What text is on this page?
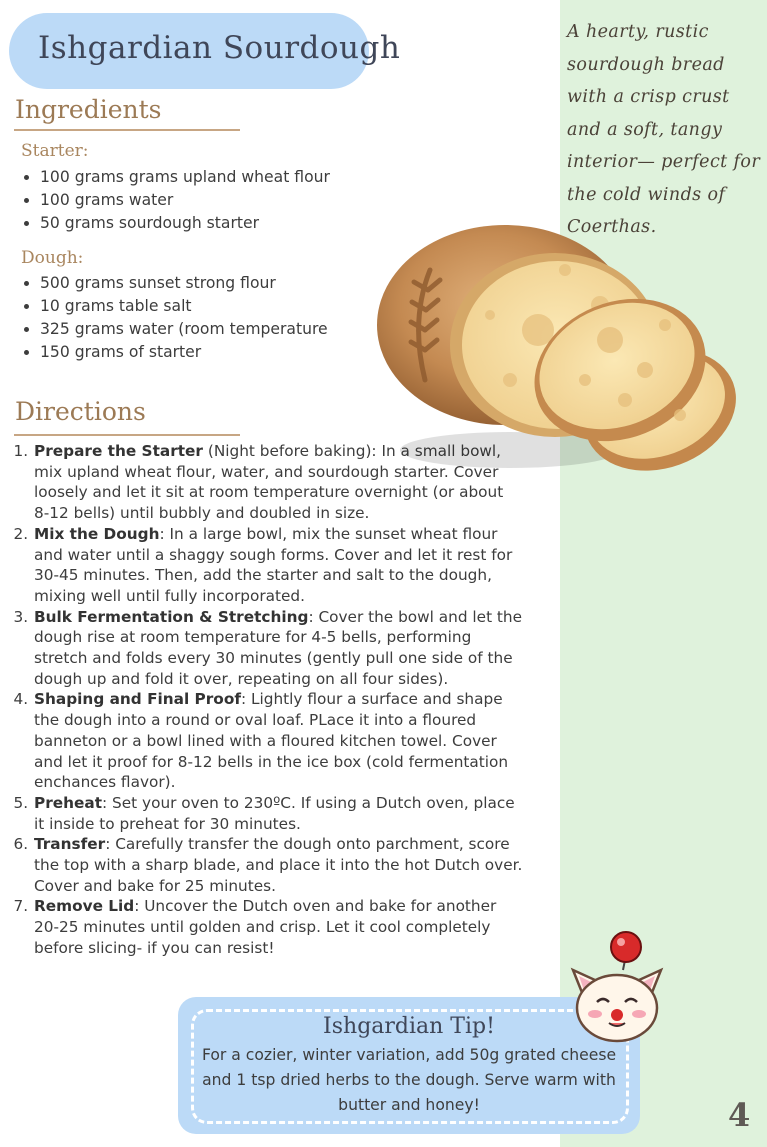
A hearty, rustic sourdough bread with a crisp crust and a soft, tangy interior— perfect for the cold winds of Coerthas.

Ishgardian Sourdough
Ingredients
Starter:
• 100 grams grams upland wheat flour
• 100 grams water
• 50 grams sourdough starter
Dough:
• 500 grams sunset strong flour
• 10 grams table salt
• 325 grams water (room temperature
• 150 grams of starter
Directions
1. Prepare the Starter (Night before baking): In a small bowl, mix upland wheat flour, water, and sourdough starter. Cover loosely and let it sit at room temperature overnight (or about 8-12 bells) until bubbly and doubled in size.
2. Mix the Dough: In a large bowl, mix the sunset wheat flour and water until a shaggy sough forms. Cover and let it rest for 30-45 minutes. Then, add the starter and salt to the dough, mixing well until fully incorporated.
3. Bulk Fermentation & Stretching: Cover the bowl and let the dough rise at room temperature for 4-5 bells, performing stretch and folds every 30 minutes (gently pull one side of the dough up and fold it over, repeating on all four sides).
4. Shaping and Final Proof: Lightly flour a surface and shape the dough into a round or oval loaf. PLace it into a floured banneton or a bowl lined with a floured kitchen towel. Cover and let it proof for 8-12 bells in the ice box (cold fermentation enchances flavor).
5. Preheat: Set your oven to 230ºC. If using a Dutch oven, place it inside to preheat for 30 minutes.
6. Transfer: Carefully transfer the dough onto parchment, score the top with a sharp blade, and place it into the hot Dutch over. Cover and bake for 25 minutes.
7. Remove Lid: Uncover the Dutch oven and bake for another 20-25 minutes until golden and crisp. Let it cool completely before slicing- if you can resist!
Ishgardian Tip!

For a cozier, winter variation, add 50g grated cheese and 1 tsp dried herbs to the dough. Serve warm with butter and honey!	4
